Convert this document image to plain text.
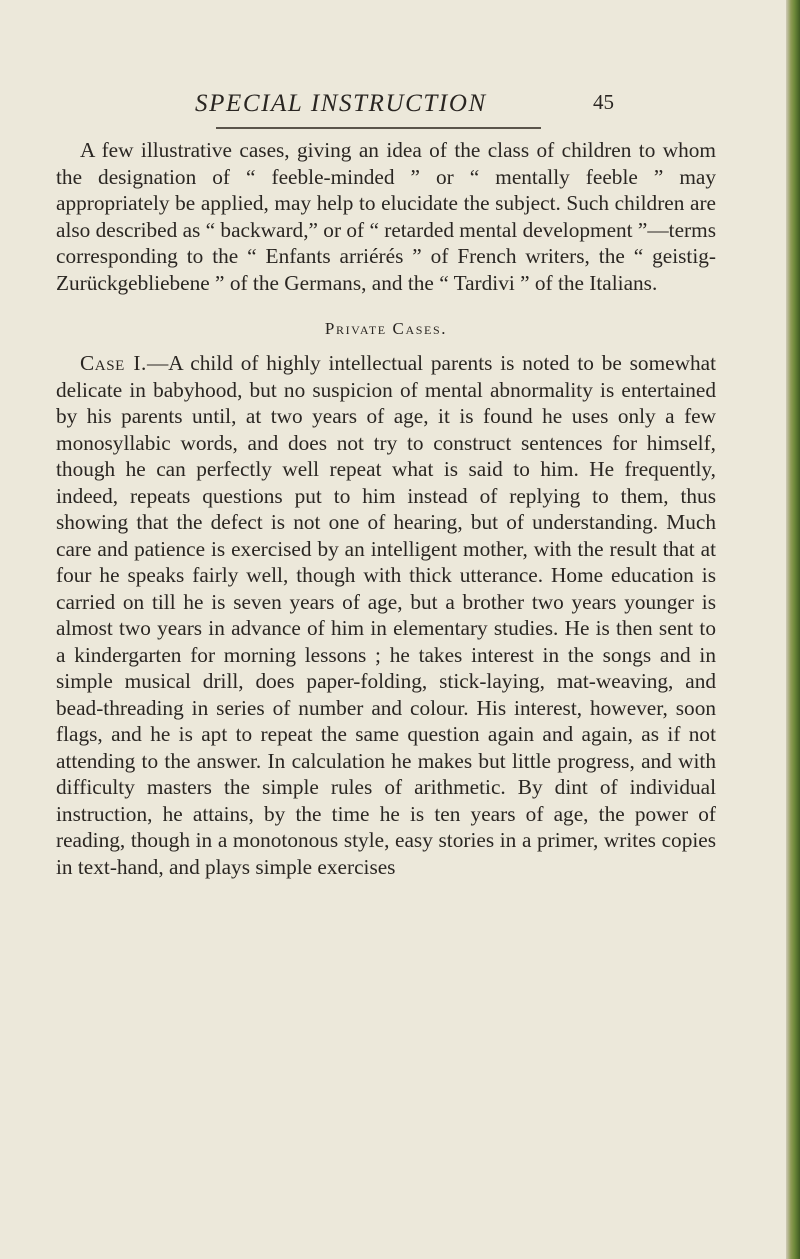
SPECIAL INSTRUCTION	45

A few illustrative cases, giving an idea of the class of children to whom the designation of “ feeble-minded ” or “ mentally feeble ” may appropriately be applied, may help to elucidate the subject. Such children are also described as “ backward,” or of “ retarded mental development ”—terms corresponding to the “ Enfants arriérés ” of French writers, the “ geistig-Zurückgebliebene ” of the Germans, and the “ Tardivi ” of the Italians.

Private Cases.

Case I.—A child of highly intellectual parents is noted to be somewhat delicate in babyhood, but no suspicion of mental abnormality is entertained by his parents until, at two years of age, it is found he uses only a few monosyllabic words, and does not try to construct sentences for himself, though he can perfectly well repeat what is said to him. He frequently, indeed, repeats questions put to him instead of replying to them, thus showing that the defect is not one of hearing, but of understanding. Much care and patience is exercised by an intelligent mother, with the result that at four he speaks fairly well, though with thick utterance. Home education is carried on till he is seven years of age, but a brother two years younger is almost two years in advance of him in elementary studies. He is then sent to a kindergarten for morning lessons ; he takes interest in the songs and in simple musical drill, does paper-folding, stick-laying, mat-weaving, and bead-threading in series of number and colour. His interest, however, soon flags, and he is apt to repeat the same question again and again, as if not attending to the answer. In calculation he makes but little progress, and with difficulty masters the simple rules of arithmetic. By dint of individual instruction, he attains, by the time he is ten years of age, the power of reading, though in a monotonous style, easy stories in a primer, writes copies in text-hand, and plays simple exercises
